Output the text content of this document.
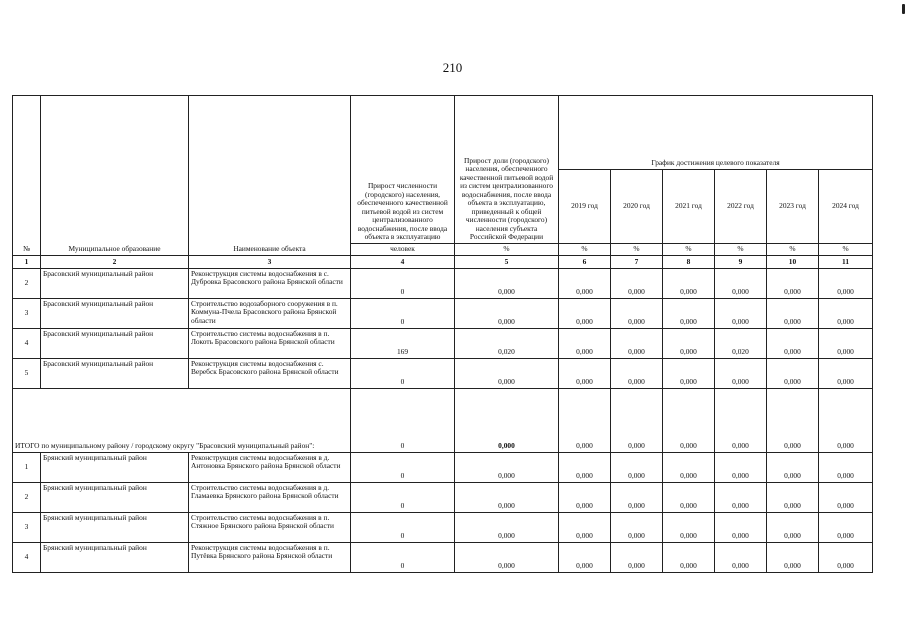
210
№	Муниципальное образование	Наименование объекта	Прирост численности (городского) населения, обеспеченного качественной питьевой водой из систем централизованного водоснабжения, после ввода объекта в эксплуатацию	Прирост доли (городского) населения, обеспеченного качественной питьевой водой из систем централизованного водоснабжения, после ввода объекта в эксплуатацию, приведенный к общей численности (городского) населения субъекта Российской Федерации	График достижения целевого показателя					
					2019 год	2020 год	2021 год	2022 год	2023 год	2024 год
			человек	%	%	%	%	%	%	%
1	2	3	4	5	6	7	8	9	10	11
2	Брасовский муниципальный район	Реконструкция системы водоснабжения в с. Дубровка Брасовского района Брянской области	0	0,000	0,000	0,000	0,000	0,000	0,000	0,000
3	Брасовский муниципальный район	Строительство водозаборного сооружения в п. Коммуна-Пчела Брасовского района Брянской области	0	0,000	0,000	0,000	0,000	0,000	0,000	0,000
4	Брасовский муниципальный район	Строительство системы водоснабжения в п. Локоть Брасовского района Брянской области	169	0,020	0,000	0,000	0,000	0,020	0,000	0,000
5	Брасовский муниципальный район	Реконструкция системы водоснабжения с. Веребск Брасовского района Брянской области	0	0,000	0,000	0,000	0,000	0,000	0,000	0,000
ИТОГО по муниципальному району / городскому округу "Брасовский муниципальный район":			0	0,000	0,000	0,000	0,000	0,000	0,000	0,000
1	Брянский муниципальный район	Реконструкция системы водоснабжения в д. Антоновка Брянского района Брянской области	0	0,000	0,000	0,000	0,000	0,000	0,000	0,000
2	Брянский муниципальный район	Строительство системы водоснабжения в д. Гламаевка Брянского района Брянской области	0	0,000	0,000	0,000	0,000	0,000	0,000	0,000
3	Брянский муниципальный район	Строительство системы водоснабжения в п. Стяжное Брянского района Брянской области	0	0,000	0,000	0,000	0,000	0,000	0,000	0,000
4	Брянский муниципальный район	Реконструкция системы водоснабжения в п. Путёвка Брянского района Брянской области	0	0,000	0,000	0,000	0,000	0,000	0,000	0,000
